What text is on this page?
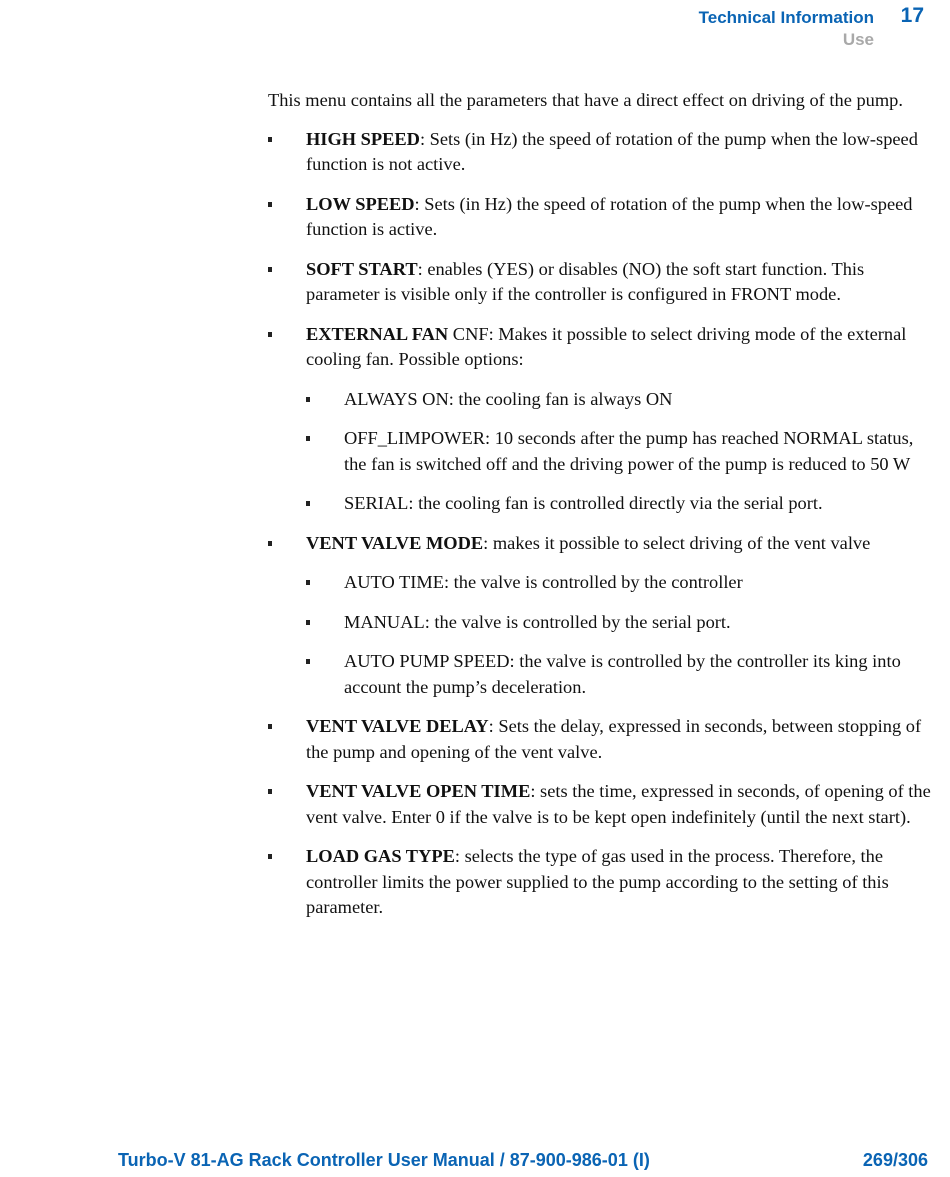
Technical Information
Use
17

This menu contains all the parameters that have a direct effect on driving of the pump.

HIGH SPEED: Sets (in Hz) the speed of rotation of the pump when the low-speed function is not active.
LOW SPEED: Sets (in Hz) the speed of rotation of the pump when the low-speed function is active.
SOFT START: enables (YES) or disables (NO) the soft start function. This parameter is visible only if the controller is configured in FRONT mode.
EXTERNAL FAN CNF: Makes it possible to select driving mode of the external cooling fan. Possible options:
ALWAYS ON: the cooling fan is always ON
OFF_LIMPOWER: 10 seconds after the pump has reached NORMAL status, the fan is switched off and the driving power of the pump is reduced to 50 W
SERIAL: the cooling fan is controlled directly via the serial port.
VENT VALVE MODE: makes it possible to select driving of the vent valve
AUTO TIME: the valve is controlled by the controller
MANUAL: the valve is controlled by the serial port.
AUTO PUMP SPEED: the valve is controlled by the controller its king into account the pump’s deceleration.
VENT VALVE DELAY: Sets the delay, expressed in seconds, between stopping of the pump and opening of the vent valve.
VENT VALVE OPEN TIME: sets the time, expressed in seconds, of opening of the vent valve. Enter 0 if the valve is to be kept open indefinitely (until the next start).
LOAD GAS TYPE: selects the type of gas used in the process. Therefore, the controller limits the power supplied to the pump according to the setting of this parameter.
Turbo-V 81-AG Rack Controller User Manual / 87-900-986-01 (I)	269/306
